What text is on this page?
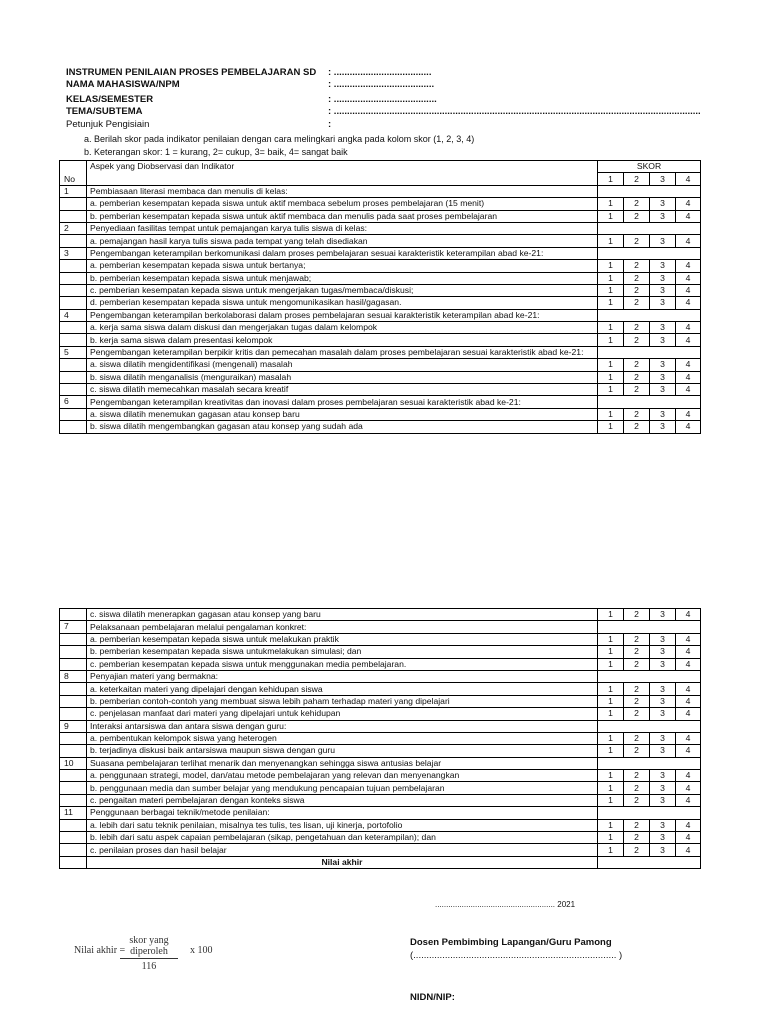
INSTRUMEN PENILAIAN PROSES PEMBELAJARAN SD : .....................................
NAMA MAHASISWA/NPM	: ......................................
KELAS/SEMESTER	: .......................................
TEMA/SUBTEMA	: ...........................................................................................................................................
Petunjuk Pengisiain	:
a. Berilah skor pada indikator penilaian dengan cara melingkari angka pada kolom skor (1, 2, 3, 4)
b. Keterangan skor: 1 = kurang, 2= cukup, 3= baik, 4= sangat baik
No	Aspek yang Diobservasi dan Indikator	SKOR			
		1	2	3	4
1	Pembiasaan literasi membaca dan menulis di kelas:				
	a. pemberian kesempatan kepada siswa untuk aktif membaca sebelum proses pembelajaran (15 menit)	1	2	3	4
	b. pemberian kesempatan kepada siswa untuk aktif membaca dan menulis pada saat proses pembelajaran	1	2	3	4
2	Penyediaan fasilitas tempat untuk pemajangan karya tulis siswa di kelas:				
	a. pemajangan hasil karya tulis siswa pada tempat yang telah disediakan	1	2	3	4
3	Pengembangan keterampilan berkomunikasi dalam proses pembelajaran sesuai karakteristik keterampilan abad ke-21:				
	a. pemberian kesempatan kepada siswa untuk bertanya;	1	2	3	4
	b. pemberian kesempatan kepada siswa untuk menjawab;	1	2	3	4
	c. pemberian kesempatan kepada siswa untuk mengerjakan tugas/membaca/diskusi;	1	2	3	4
	d. pemberian kesempatan kepada siswa untuk mengomunikasikan hasil/gagasan.	1	2	3	4
4	Pengembangan keterampilan berkolaborasi dalam proses pembelajaran sesuai karakteristik keterampilan abad ke-21:				
	a. kerja sama siswa dalam diskusi dan mengerjakan tugas dalam kelompok	1	2	3	4
	b. kerja sama siswa dalam presentasi kelompok	1	2	3	4
5	Pengembangan keterampilan berpikir kritis dan pemecahan masalah dalam proses pembelajaran sesuai karakteristik abad ke-21:				
	a. siswa dilatih mengidentifikasi (mengenali) masalah	1	2	3	4
	b. siswa dilatih menganalisis (menguraikan) masalah	1	2	3	4
	c. siswa dilatih memecahkan masalah secara kreatif	1	2	3	4
6	Pengembangan keterampilan kreativitas dan inovasi dalam proses pembelajaran sesuai karakteristik abad ke-21:				
	a. siswa dilatih menemukan gagasan atau konsep baru	1	2	3	4
	b. siswa dilatih mengembangkan gagasan atau konsep yang sudah ada	1	2	3	4
	c. siswa dilatih menerapkan gagasan atau konsep yang baru	1	2	3	4
7	Pelaksanaan pembelajaran melalui pengalaman konkret:				
	a. pemberian kesempatan kepada siswa untuk melakukan praktik	1	2	3	4
	b. pemberian kesempatan kepada siswa untukmelakukan simulasi; dan	1	2	3	4
	c. pemberian kesempatan kepada siswa untuk menggunakan media pembelajaran.	1	2	3	4
8	Penyajian materi yang bermakna:				
	a. keterkaitan materi yang dipelajari dengan kehidupan siswa	1	2	3	4
	b. pemberian contoh-contoh yang membuat siswa lebih paham terhadap materi yang dipelajari	1	2	3	4
	c. penjelasan manfaat dari materi yang dipelajari untuk kehidupan	1	2	3	4
9	Interaksi antarsiswa dan antara siswa dengan guru:				
	a. pembentukan kelompok siswa yang heterogen	1	2	3	4
	b. terjadinya diskusi baik antarsiswa maupun siswa dengan guru	1	2	3	4
10	Suasana pembelajaran terlihat menarik dan menyenangkan sehingga siswa antusias belajar				
	a. penggunaan strategi, model, dan/atau metode pembelajaran yang relevan dan menyenangkan	1	2	3	4
	b. penggunaan media dan sumber belajar yang mendukung pencapaian tujuan pembelajaran	1	2	3	4
	c. pengaitan materi pembelajaran dengan konteks siswa	1	2	3	4
11	Penggunaan berbagai teknik/metode penilaian:				
	a. lebih dari satu teknik penilaian, misalnya tes tulis, tes lisan, uji kinerja, portofolio	1	2	3	4
	b. lebih dari satu aspek capaian pembelajaran (sikap, pengetahuan dan keterampilan); dan	1	2	3	4
	c. penilaian proses dan hasil belajar	1	2	3	4
	Nilai akhir				
...................................................... 2021
Nilai akhir =
skor yang diperoleh
116
x 100
Dosen Pembimbing Lapangan/Guru Pamong
(............................................................................. )
NIDN/NIP:
